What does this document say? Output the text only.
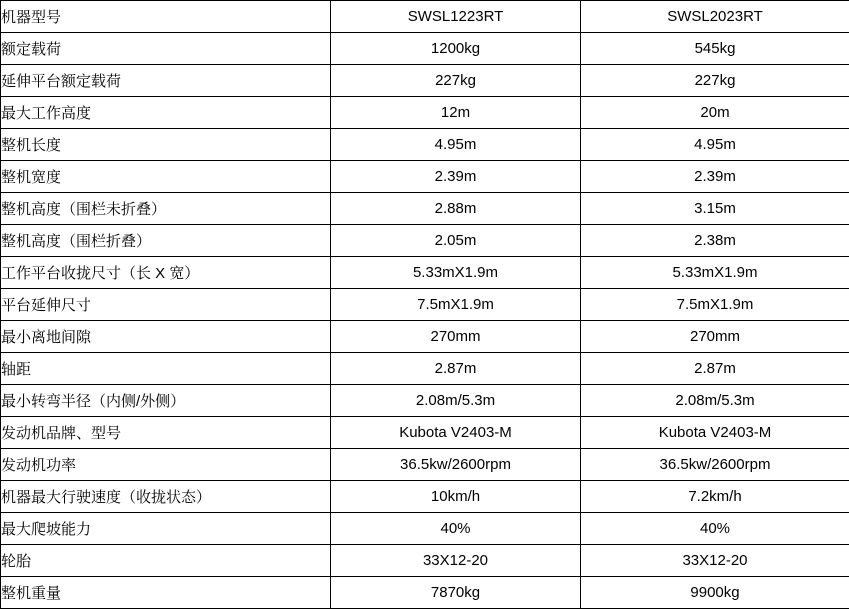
机器型号	SWSL1223RT	SWSL2023RT
额定载荷	1200kg	545kg
延伸平台额定载荷	227kg	227kg
最大工作高度	12m	20m
整机长度	4.95m	4.95m
整机宽度	2.39m	2.39m
整机高度（围栏未折叠）	2.88m	3.15m
整机高度（围栏折叠）	2.05m	2.38m
工作平台收拢尺寸（长 X 宽）	5.33mX1.9m	5.33mX1.9m
平台延伸尺寸	7.5mX1.9m	7.5mX1.9m
最小离地间隙	270mm	270mm
轴距	2.87m	2.87m
最小转弯半径（内侧/外侧）	2.08m/5.3m	2.08m/5.3m
发动机品牌、型号	Kubota V2403-M	Kubota V2403-M
发动机功率	36.5kw/2600rpm	36.5kw/2600rpm
机器最大行驶速度（收拢状态）	10km/h	7.2km/h
最大爬坡能力	40%	40%
轮胎	33X12-20	33X12-20
整机重量	7870kg	9900kg
